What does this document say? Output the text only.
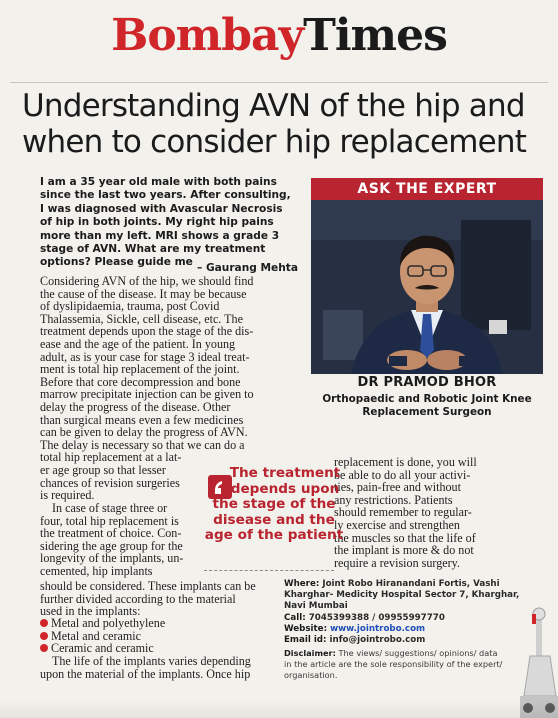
BombayTimes
Understanding AVN of the hip and
when to consider hip replacement
I am a 35 year old male with both pains
since the last two years. After consulting,
I was diagnosed with Avascular Necrosis
of hip in both joints. My right hip pains
more than my left. MRI shows a grade 3
stage of AVN. What are my treatment
options? Please guide me – Gaurang Mehta
Considering AVN of the hip, we should find
the cause of the disease. It may be because
of dyslipidaemia, trauma, post Covid
Thalassemia, Sickle, cell disease, etc. The
treatment depends upon the stage of the dis-
ease and the age of the patient. In young
adult, as is your case for stage 3 ideal treat-
ment is total hip replacement of the joint.
Before that core decompression and bone
marrow precipitate injection can be given to
delay the progress of the disease. Other
than surgical means even a few medicines
can be given to delay the progress of AVN.
The delay is necessary so that we can do a
total hip replacement at a lat-
er age group so that lesser
chances of revision surgeries
is required.
In case of stage three or
four, total hip replacement is
the treatment of choice. Con-
sidering the age group for the
longevity of the implants, un-
cemented, hip implants
should be considered. These implants can be
further divided according to the material
used in the implants:
Metal and polyethylene
Metal and ceramic
Ceramic and ceramic
The life of the implants varies depending
upon the material of the implants. Once hip
replacement is done, you will
be able to do all your activi-
ties, pain-free and without
any restrictions. Patients
should remember to regular-
ly exercise and strengthen
the muscles so that the life of
the implant is more & do not
require a revision surgery.
ASK THE EXPERT
DR PRAMOD BHOR
Orthopaedic and Robotic Joint Knee
Replacement Surgeon
The treatment
depends upon
the stage of the
disease and the
age of the patient
Where: Joint Robo Hiranandani Fortis, Vashi
Kharghar- Medicity Hospital Sector 7, Kharghar,
Navi Mumbai
Call: 7045399388 / 09955997770
Website: www.jointrobo.com
Email id: info@jointrobo.com
Disclaimer: The views/ suggestions/ opinions/ data
in the article are the sole responsibility of the expert/
organisation.
